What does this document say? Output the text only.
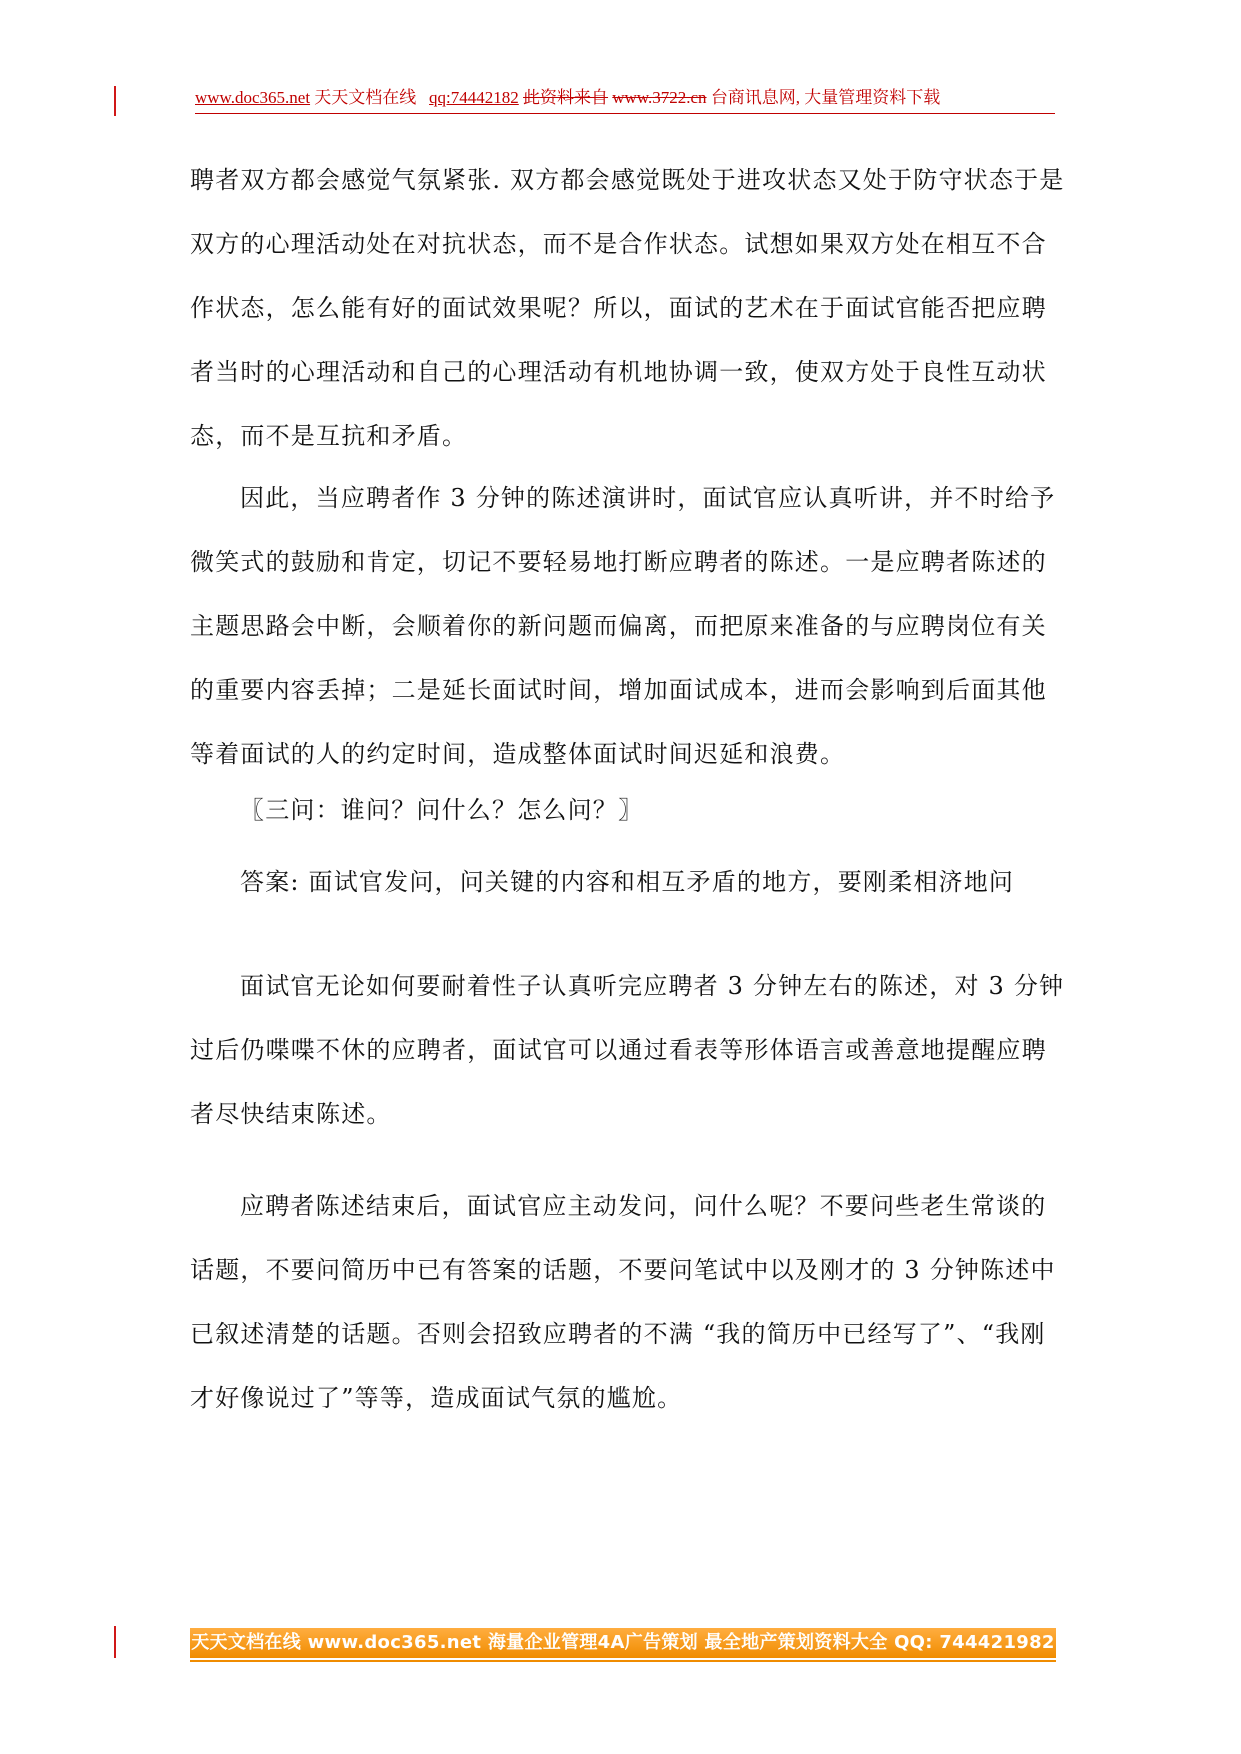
www.doc365.net 天天文档在线 qq:74442182 此资料来自 www.3722.cn 台商讯息网, 大量管理资料下载

聘者双方都会感觉气氛紧张. 双方都会感觉既处于进攻状态又处于防守状态于是双方的心理活动处在对抗状态，而不是合作状态。试想如果双方处在相互不合作状态，怎么能有好的面试效果呢？所以，面试的艺术在于面试官能否把应聘者当时的心理活动和自己的心理活动有机地协调一致，使双方处于良性互动状态，而不是互抗和矛盾。

因此，当应聘者作 3 分钟的陈述演讲时，面试官应认真听讲，并不时给予微笑式的鼓励和肯定，切记不要轻易地打断应聘者的陈述。一是应聘者陈述的主题思路会中断，会顺着你的新问题而偏离，而把原来准备的与应聘岗位有关的重要内容丢掉；二是延长面试时间，增加面试成本，进而会影响到后面其他等着面试的人的约定时间，造成整体面试时间迟延和浪费。

〖三问：谁问？问什么？怎么问？〗

答案: 面试官发问，问关键的内容和相互矛盾的地方，要刚柔相济地问

面试官无论如何要耐着性子认真听完应聘者 3 分钟左右的陈述，对 3 分钟过后仍喋喋不休的应聘者，面试官可以通过看表等形体语言或善意地提醒应聘者尽快结束陈述。

应聘者陈述结束后，面试官应主动发问，问什么呢？不要问些老生常谈的话题，不要问简历中已有答案的话题，不要问笔试中以及刚才的 3 分钟陈述中已叙述清楚的话题。否则会招致应聘者的不满 “我的简历中已经写了”、“我刚才好像说过了”等等，造成面试气氛的尴尬。

天天文档在线 www.doc365.net 海量企业管理4A广告策划 最全地产策划资料大全 QQ: 744421982
